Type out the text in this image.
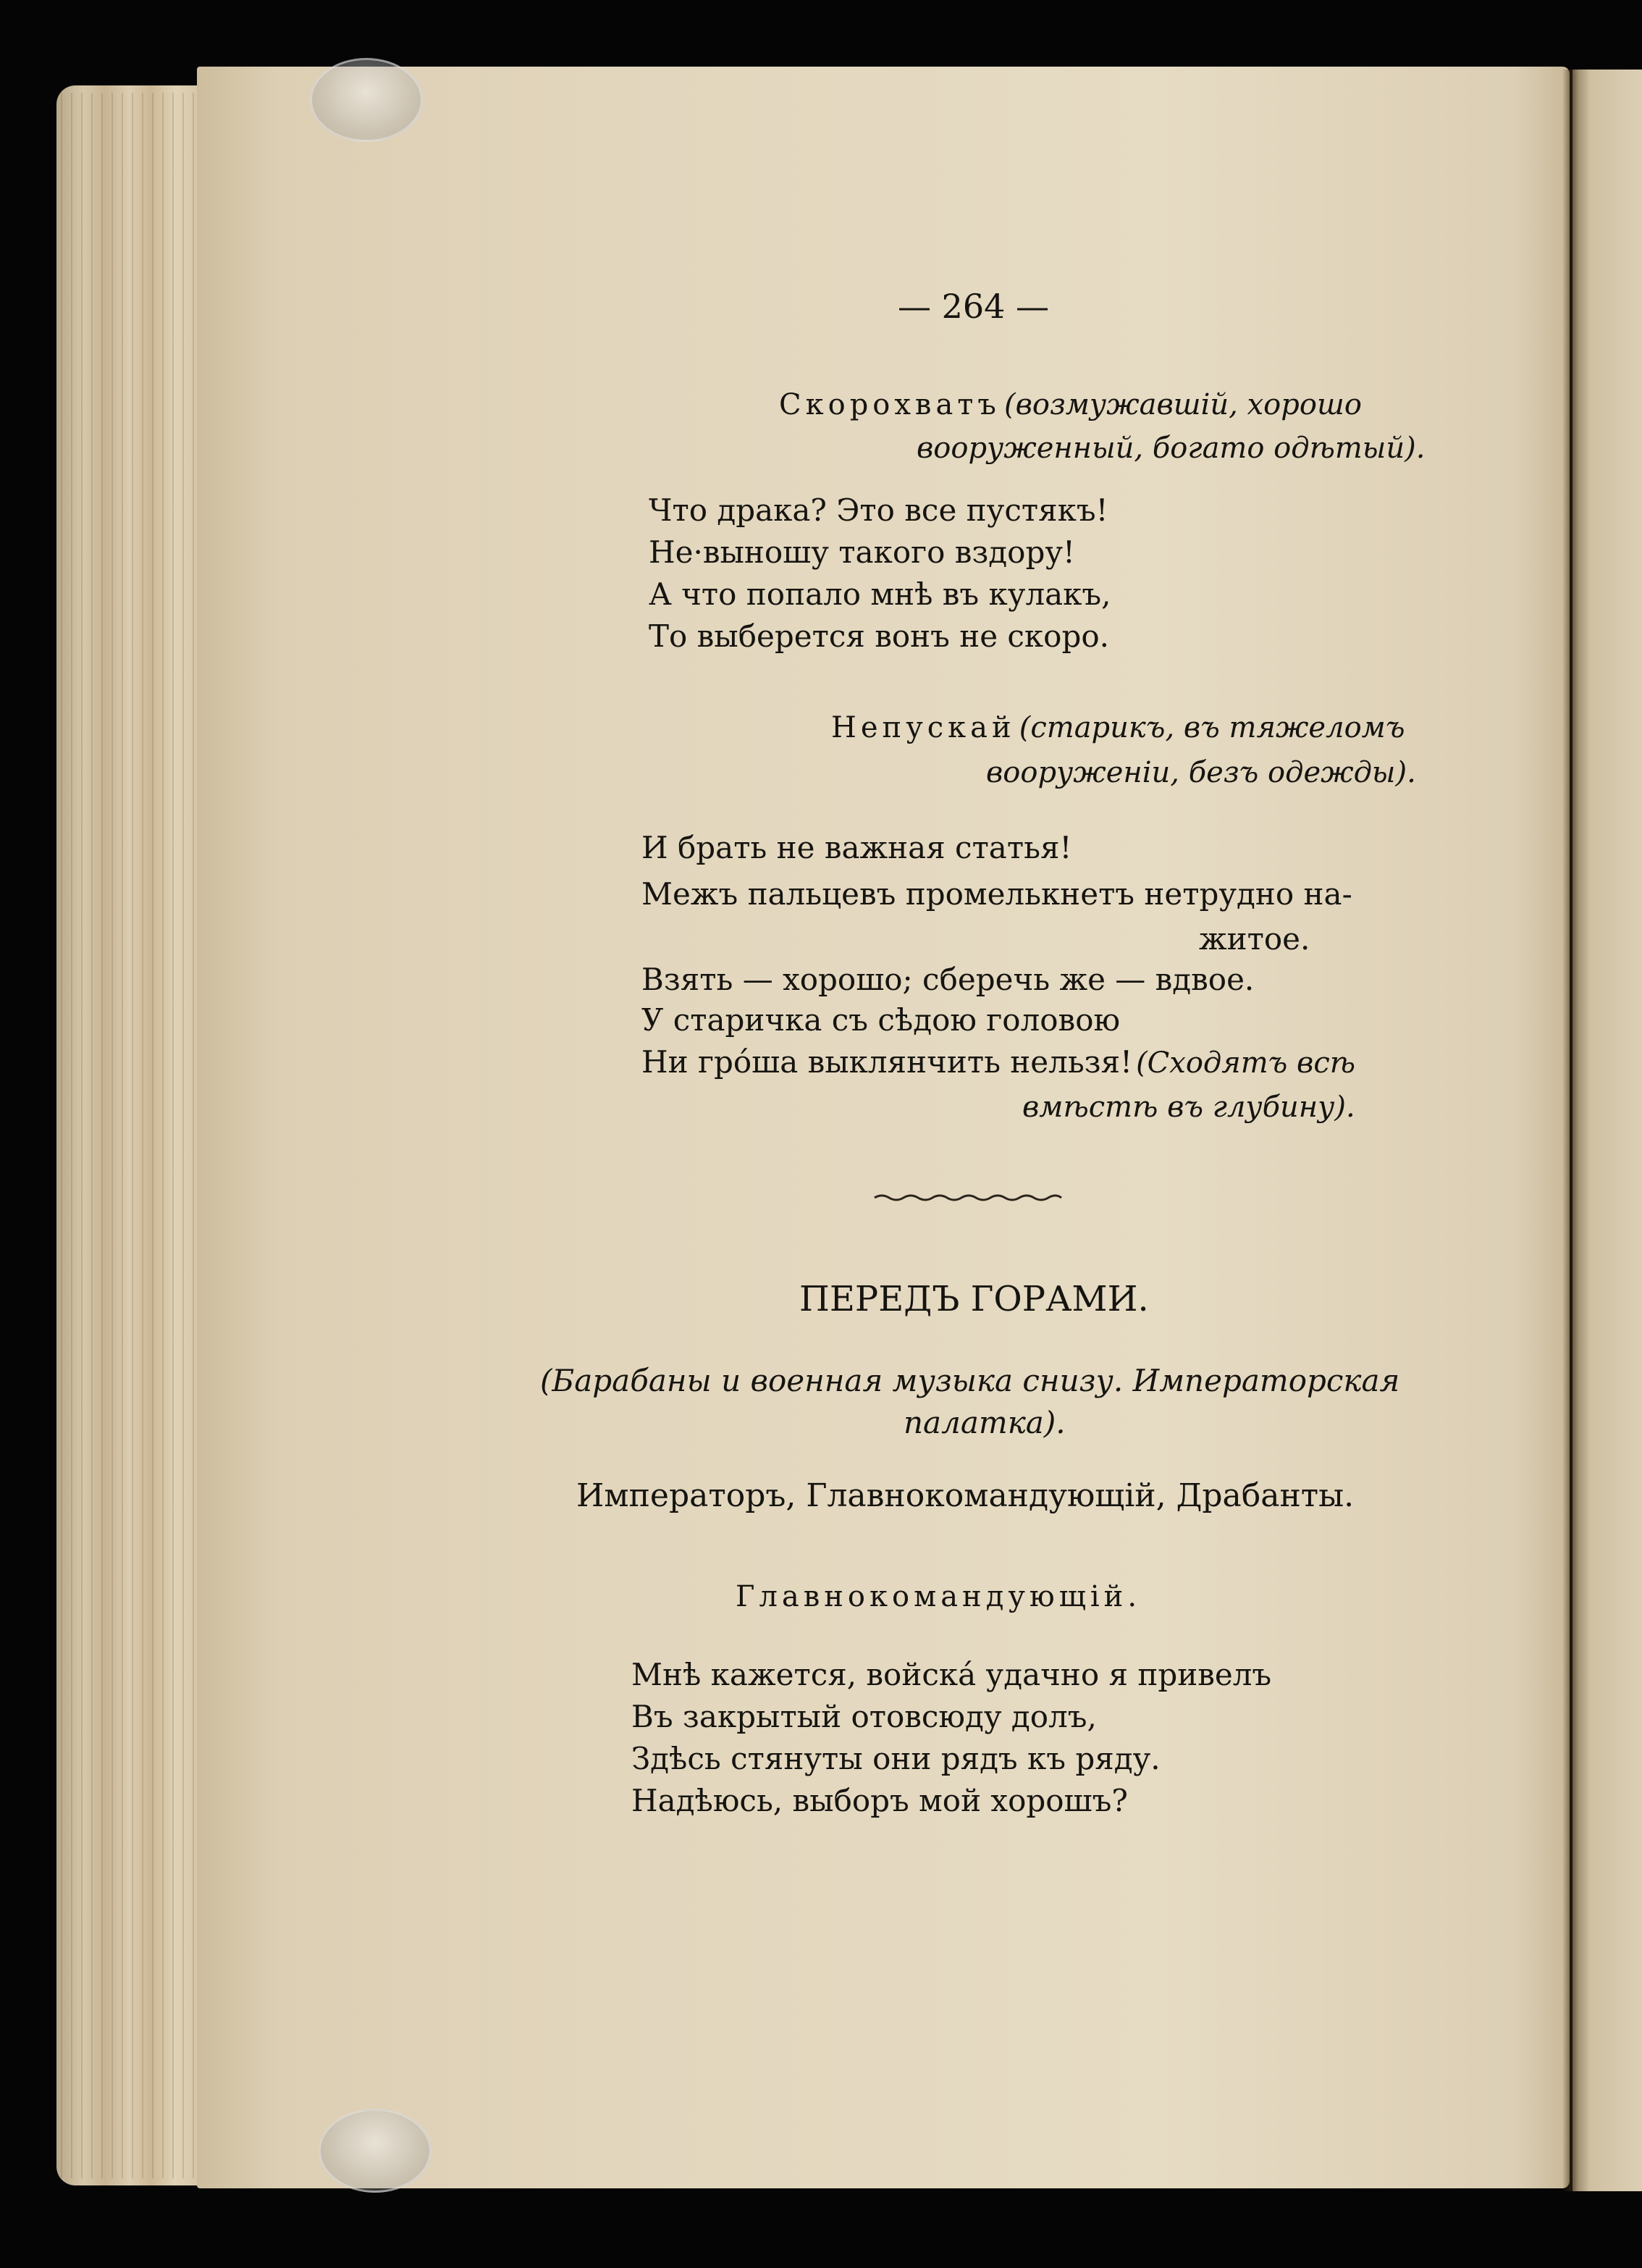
— 264 —
Скорохватъ (возмужавшій, хорошо
вооруженный, богато одѣтый).
Что драка? Это все пустякъ!
Не·выношу такого вздору!
А что попало мнѣ въ кулакъ,
То выберется вонъ не скоро.
Непускай (старикъ, въ тяжеломъ
вооруженіи, безъ одежды).
И брать не важная статья!
Межъ пальцевъ промелькнетъ нетрудно на-
житое.
Взять — хорошо; сберечь же — вдвое.
У старичка съ сѣдою головою
Ни грóша выклянчить нельзя! (Сходятъ всѣ
вмѣстѣ въ глубину).
ПЕРЕДЪ ГОРАМИ.
(Барабаны и военная музыка снизу. Императорская
палатка).
Императоръ, Главнокомандующій, Драбанты.
Главнокомандующій.
Мнѣ кажется, войскá удачно я привелъ
Въ закрытый отовсюду долъ,
Здѣсь стянуты они рядъ къ ряду.
Надѣюсь, выборъ мой хорошъ?
